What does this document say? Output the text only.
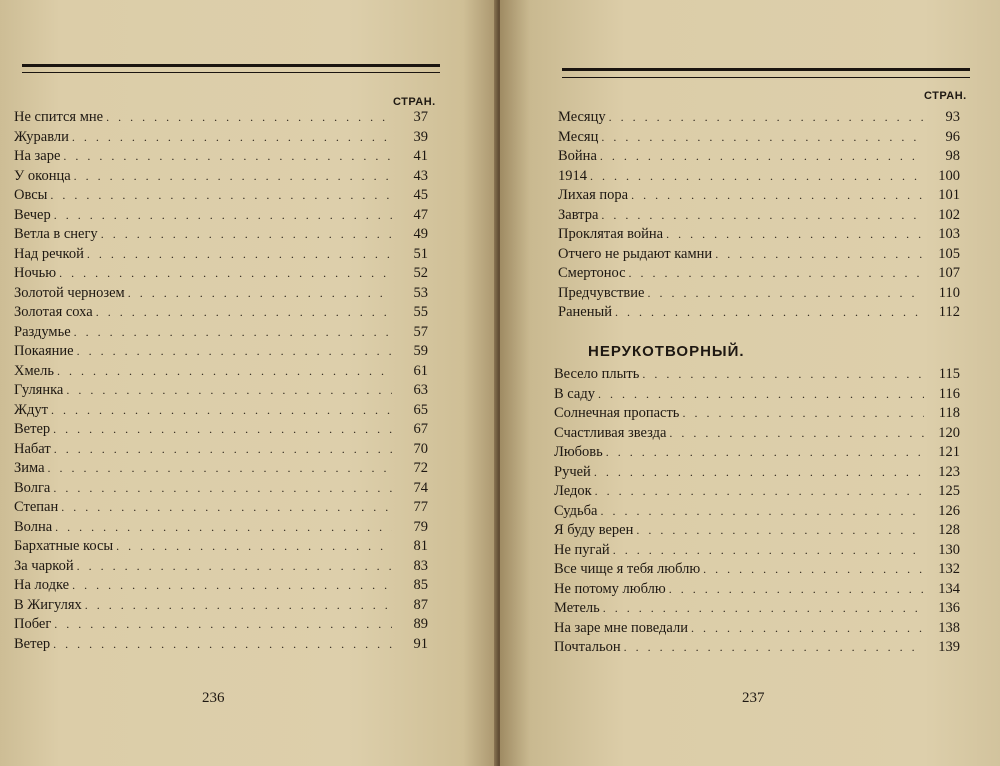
СТРАН.
Не спится мне . . .	37
Журавли . . .	39
На заре . . .	41
У оконца . . .	43
Овсы . . .	45
Вечер . . .	47
Ветла в снегу . . .	49
Над речкой . . .	51
Ночью . . .	52
Золотой чернозем . . .	53
Золотая соха . . .	55
Раздумье . . .	57
Покаяние . . .	59
Хмель . . .	61
Гулянка . . .	63
Ждут . . .	65
Ветер . . .	67
Набат . . .	70
Зима . . .	72
Волга . . .	74
Степан . . .	77
Волна . . .	79
Бархатные косы . . .	81
За чаркой . . .	83
На лодке . . .	85
В Жигулях . . .	87
Побег . . .	89
Ветер . . .	91
236
СТРАН.
Месяцу . . .	93
Месяц . . .	96
Война . . .	98
1914 . . .	100
Лихая пора . . .	101
Завтра . . .	102
Проклятая война . . .	103
Отчего не рыдают камни . . .	105
Смертонос . . .	107
Предчувствие . . .	110
Раненый . . .	112
НЕРУКОТВОРНЫЙ.
Весело плыть . . .	115
В саду . . .	116
Солнечная пропасть . . .	118
Счастливая звезда . . .	120
Любовь . . .	121
Ручей . . .	123
Ледок . . .	125
Судьба . . .	126
Я буду верен . . .	128
Не пугай . . .	130
Все чище я тебя люблю . . .	132
Не потому люблю . . .	134
Метель . . .	136
На заре мне поведали . . .	138
Почтальон . . .	139
237
